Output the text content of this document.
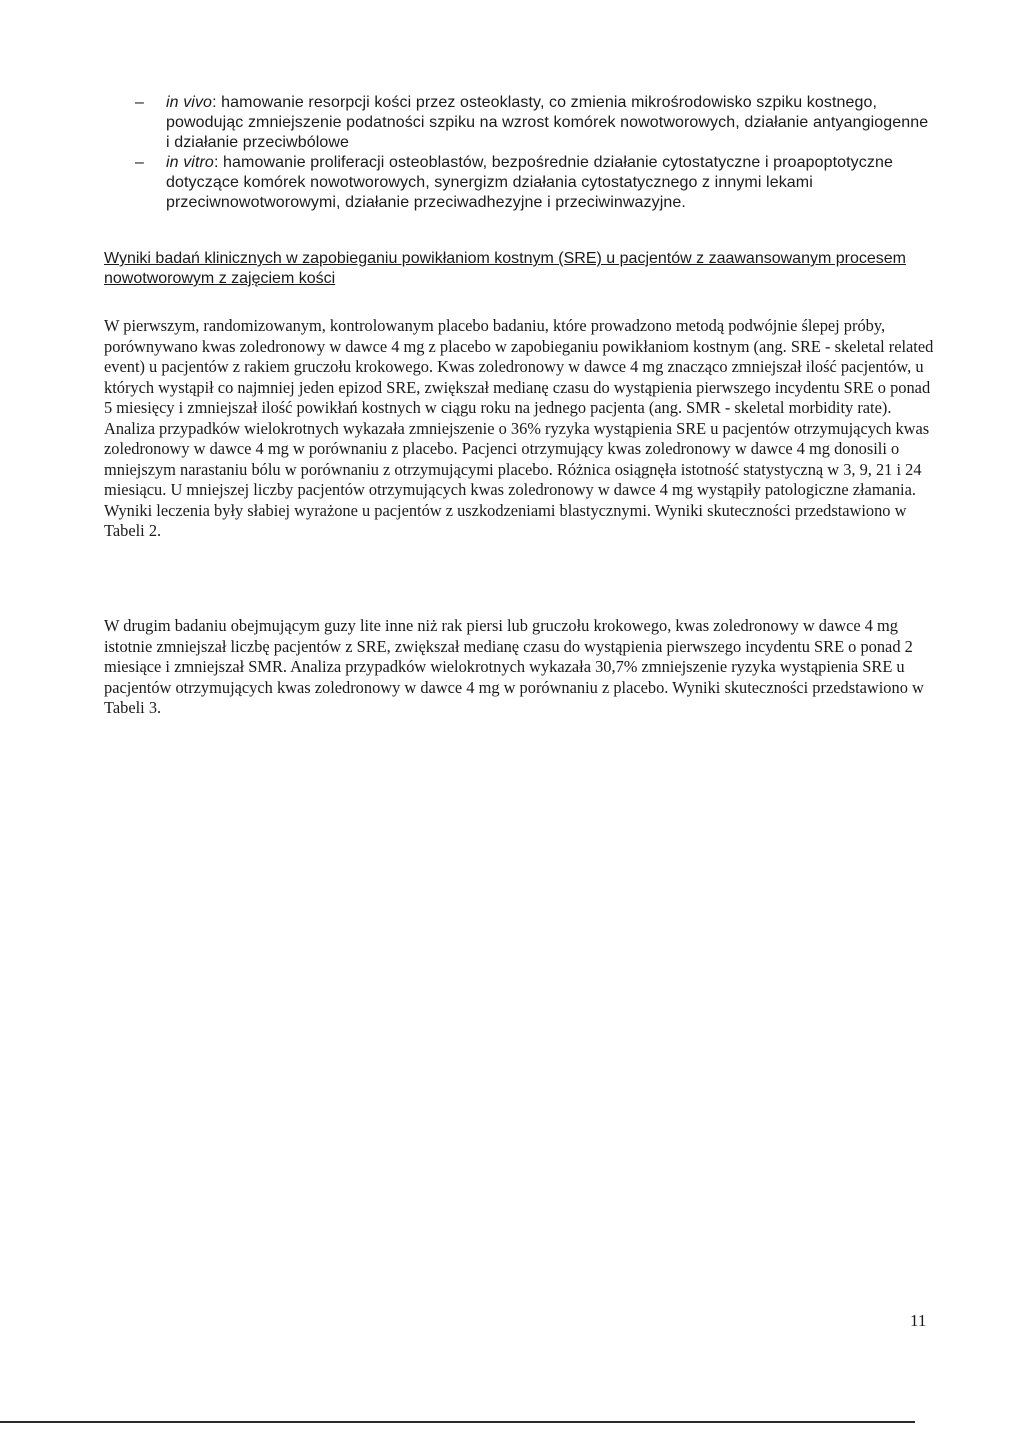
– in vivo: hamowanie resorpcji kości przez osteoklasty, co zmienia mikrośrodowisko szpiku kostnego, powodując zmniejszenie podatności szpiku na wzrost komórek nowotworowych, działanie antyangiogenne i działanie przeciwbólowe

– in vitro: hamowanie proliferacji osteoblastów, bezpośrednie działanie cytostatyczne i proapoptotyczne dotyczące komórek nowotworowych, synergizm działania cytostatycznego z innymi lekami przeciwnowotworowymi, działanie przeciwadhezyjne i przeciwinwazyjne.

Wyniki badań klinicznych w zapobieganiu powikłaniom kostnym (SRE) u pacjentów z zaawansowanym procesem nowotworowym z zajęciem kości

W pierwszym, randomizowanym, kontrolowanym placebo badaniu, które prowadzono metodą podwójnie ślepej próby, porównywano kwas zoledronowy w dawce 4 mg z placebo w zapobieganiu powikłaniom kostnym (ang. SRE - skeletal related event) u pacjentów z rakiem gruczołu krokowego. Kwas zoledronowy w dawce 4 mg znacząco zmniejszał ilość pacjentów, u których wystąpił co najmniej jeden epizod SRE, zwiększał medianę czasu do wystąpienia pierwszego incydentu SRE o ponad 5 miesięcy i zmniejszał ilość powikłań kostnych w ciągu roku na jednego pacjenta (ang. SMR - skeletal morbidity rate). Analiza przypadków wielokrotnych wykazała zmniejszenie o 36% ryzyka wystąpienia SRE u pacjentów otrzymujących kwas zoledronowy w dawce 4 mg w porównaniu z placebo. Pacjenci otrzymujący kwas zoledronowy w dawce 4 mg donosili o mniejszym narastaniu bólu w porównaniu z otrzymującymi placebo. Różnica osiągnęła istotność statystyczną w 3, 9, 21 i 24 miesiącu. U mniejszej liczby pacjentów otrzymujących kwas zoledronowy w dawce 4 mg wystąpiły patologiczne złamania. Wyniki leczenia były słabiej wyrażone u pacjentów z uszkodzeniami blastycznymi. Wyniki skuteczności przedstawiono w Tabeli 2.

W drugim badaniu obejmującym guzy lite inne niż rak piersi lub gruczołu krokowego, kwas zoledronowy w dawce 4 mg istotnie zmniejszał liczbę pacjentów z SRE, zwiększał medianę czasu do wystąpienia pierwszego incydentu SRE o ponad 2 miesiące i zmniejszał SMR. Analiza przypadków wielokrotnych wykazała 30,7% zmniejszenie ryzyka wystąpienia SRE u pacjentów otrzymujących kwas zoledronowy w dawce 4 mg w porównaniu z placebo. Wyniki skuteczności przedstawiono w Tabeli 3.

11
